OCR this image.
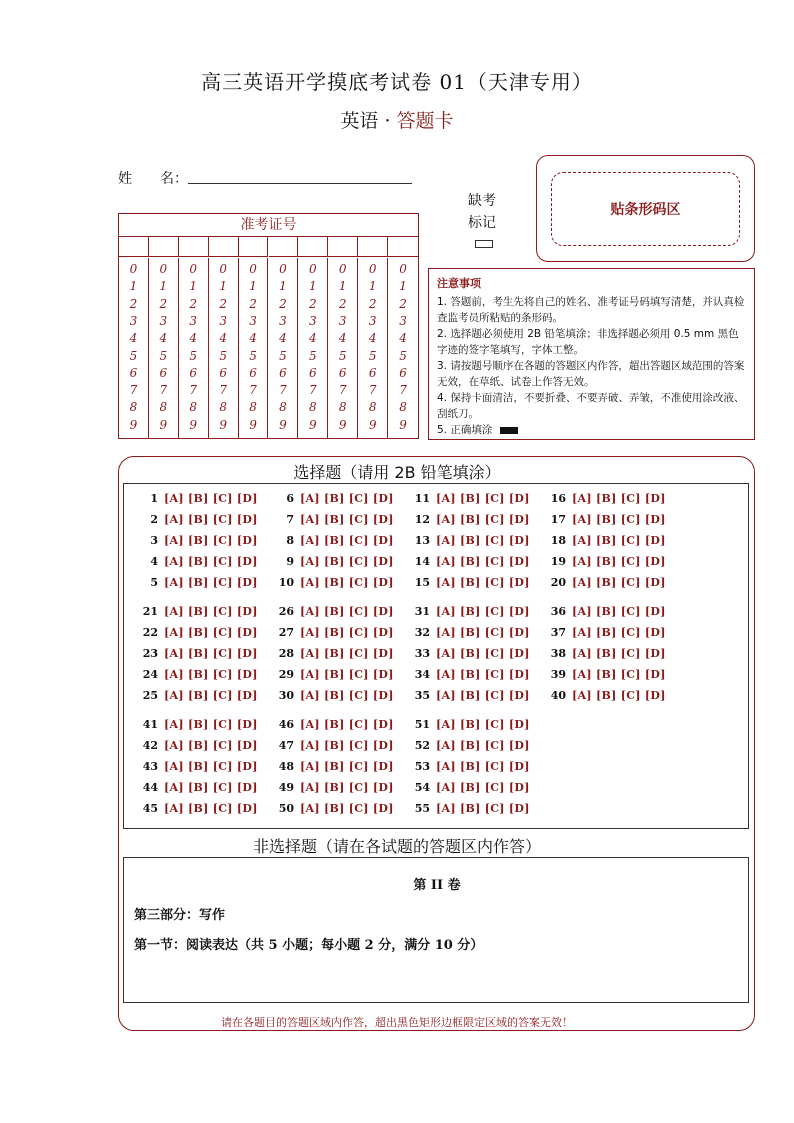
高三英语开学摸底考试卷 01（天津专用）
英语 · 答题卡
姓　　名：
准考证号
0
1
2
3
4
5
6
7
8
9
0
1
2
3
4
5
6
7
8
9
0
1
2
3
4
5
6
7
8
9
0
1
2
3
4
5
6
7
8
9
0
1
2
3
4
5
6
7
8
9
0
1
2
3
4
5
6
7
8
9
0
1
2
3
4
5
6
7
8
9
0
1
2
3
4
5
6
7
8
9
0
1
2
3
4
5
6
7
8
9
0
1
2
3
4
5
6
7
8
9
缺考
标记
贴条形码区
注意事项
1. 答题前，考生先将自己的姓名、准考证号码填写清楚，并认真检查监考员所粘贴的条形码。
2. 选择题必须使用 2B 铅笔填涂；非选择题必须用 0.5 mm 黑色字迹的签字笔填写，字体工整。
3. 请按题号顺序在各题的答题区内作答，超出答题区域范围的答案无效，在草纸、试卷上作答无效。
4. 保持卡面清洁，不要折叠、不要弄破、弄皱，不准使用涂改液、刮纸刀。
5. 正确填涂
选择题（请用 2B 铅笔填涂）
1 [A] [B] [C] [D]
2 [A] [B] [C] [D]
3 [A] [B] [C] [D]
4 [A] [B] [C] [D]
5 [A] [B] [C] [D]
6 [A] [B] [C] [D]
7 [A] [B] [C] [D]
8 [A] [B] [C] [D]
9 [A] [B] [C] [D]
10 [A] [B] [C] [D]
11 [A] [B] [C] [D]
12 [A] [B] [C] [D]
13 [A] [B] [C] [D]
14 [A] [B] [C] [D]
15 [A] [B] [C] [D]
16 [A] [B] [C] [D]
17 [A] [B] [C] [D]
18 [A] [B] [C] [D]
19 [A] [B] [C] [D]
20 [A] [B] [C] [D]
21 [A] [B] [C] [D]
22 [A] [B] [C] [D]
23 [A] [B] [C] [D]
24 [A] [B] [C] [D]
25 [A] [B] [C] [D]
26 [A] [B] [C] [D]
27 [A] [B] [C] [D]
28 [A] [B] [C] [D]
29 [A] [B] [C] [D]
30 [A] [B] [C] [D]
31 [A] [B] [C] [D]
32 [A] [B] [C] [D]
33 [A] [B] [C] [D]
34 [A] [B] [C] [D]
35 [A] [B] [C] [D]
36 [A] [B] [C] [D]
37 [A] [B] [C] [D]
38 [A] [B] [C] [D]
39 [A] [B] [C] [D]
40 [A] [B] [C] [D]
41 [A] [B] [C] [D]
42 [A] [B] [C] [D]
43 [A] [B] [C] [D]
44 [A] [B] [C] [D]
45 [A] [B] [C] [D]
46 [A] [B] [C] [D]
47 [A] [B] [C] [D]
48 [A] [B] [C] [D]
49 [A] [B] [C] [D]
50 [A] [B] [C] [D]
51 [A] [B] [C] [D]
52 [A] [B] [C] [D]
53 [A] [B] [C] [D]
54 [A] [B] [C] [D]
55 [A] [B] [C] [D]
非选择题（请在各试题的答题区内作答）
第 II 卷
第三部分：写作
第一节：阅读表达（共 5 小题；每小题 2 分，满分 10 分）
请在各题目的答题区域内作答，超出黑色矩形边框限定区域的答案无效！
